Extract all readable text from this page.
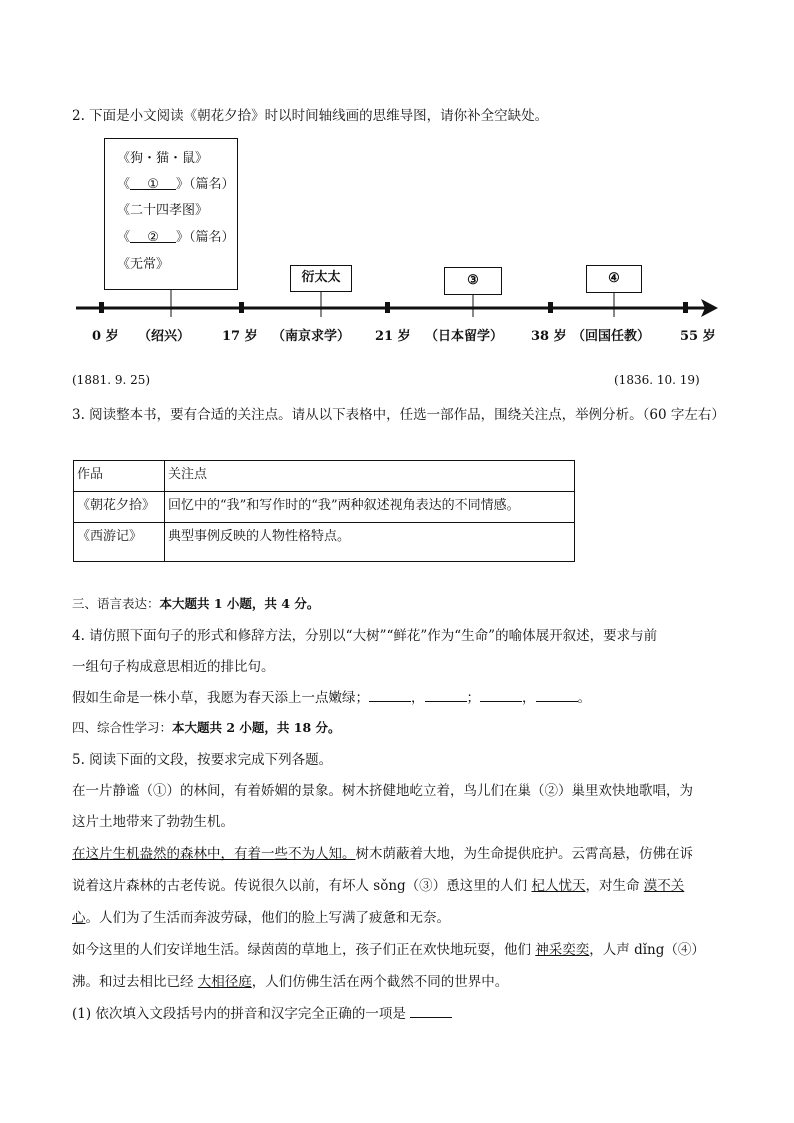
2. 下面是小文阅读《朝花夕拾》时以时间轴线画的思维导图，请你补全空缺处。
《狗・猫・鼠》
《 ① 》（篇名）
《二十四孝图》
《 ② 》（篇名）
《无常》
衍太太	③	④
0 岁 （绍兴） 17 岁 （南京求学） 21 岁 （日本留学） 38 岁 （回国任教） 55 岁
(1881. 9. 25)	(1836. 10. 19)
3. 阅读整本书，要有合适的关注点。请从以下表格中，任选一部作品，围绕关注点，举例分析。（60 字左右）
作品	关注点
《朝花夕拾》	回忆中的“我”和写作时的“我”两种叙述视角表达的不同情感。
《西游记》	典型事例反映的人物性格特点。
三、语言表达：本大题共 1 小题，共 4 分。
4. 请仿照下面句子的形式和修辞方法，分别以“大树”“鲜花”作为“生命”的喻体展开叙述，要求与前
一组句子构成意思相近的排比句。
假如生命是一株小草，我愿为春天添上一点嫩绿；	，	；	，	。
四、综合性学习：本大题共 2 小题，共 18 分。
5. 阅读下面的文段，按要求完成下列各题。
在一片静谧（①）的林间，有着娇媚的景象。树木挤健地屹立着，鸟儿们在巢（②）巢里欢快地歌唱，为
这片土地带来了勃勃生机。
在这片生机盎然的森林中，有着一些不为人知。树木荫蔽着大地，为生命提供庇护。云霄高悬，仿佛在诉
说着这片森林的古老传说。传说很久以前，有坏人 sǒng（③）恿这里的人们 杞人忧天，对生命 漠不关
心。人们为了生活而奔波劳碌，他们的脸上写满了疲惫和无奈。
如今这里的人们安详地生活。绿茵茵的草地上，孩子们正在欢快地玩耍，他们 神采奕奕，人声 dǐng（④）
沸。和过去相比已经 大相径庭，人们仿佛生活在两个截然不同的世界中。
(1) 依次填入文段括号内的拼音和汉字完全正确的一项是
